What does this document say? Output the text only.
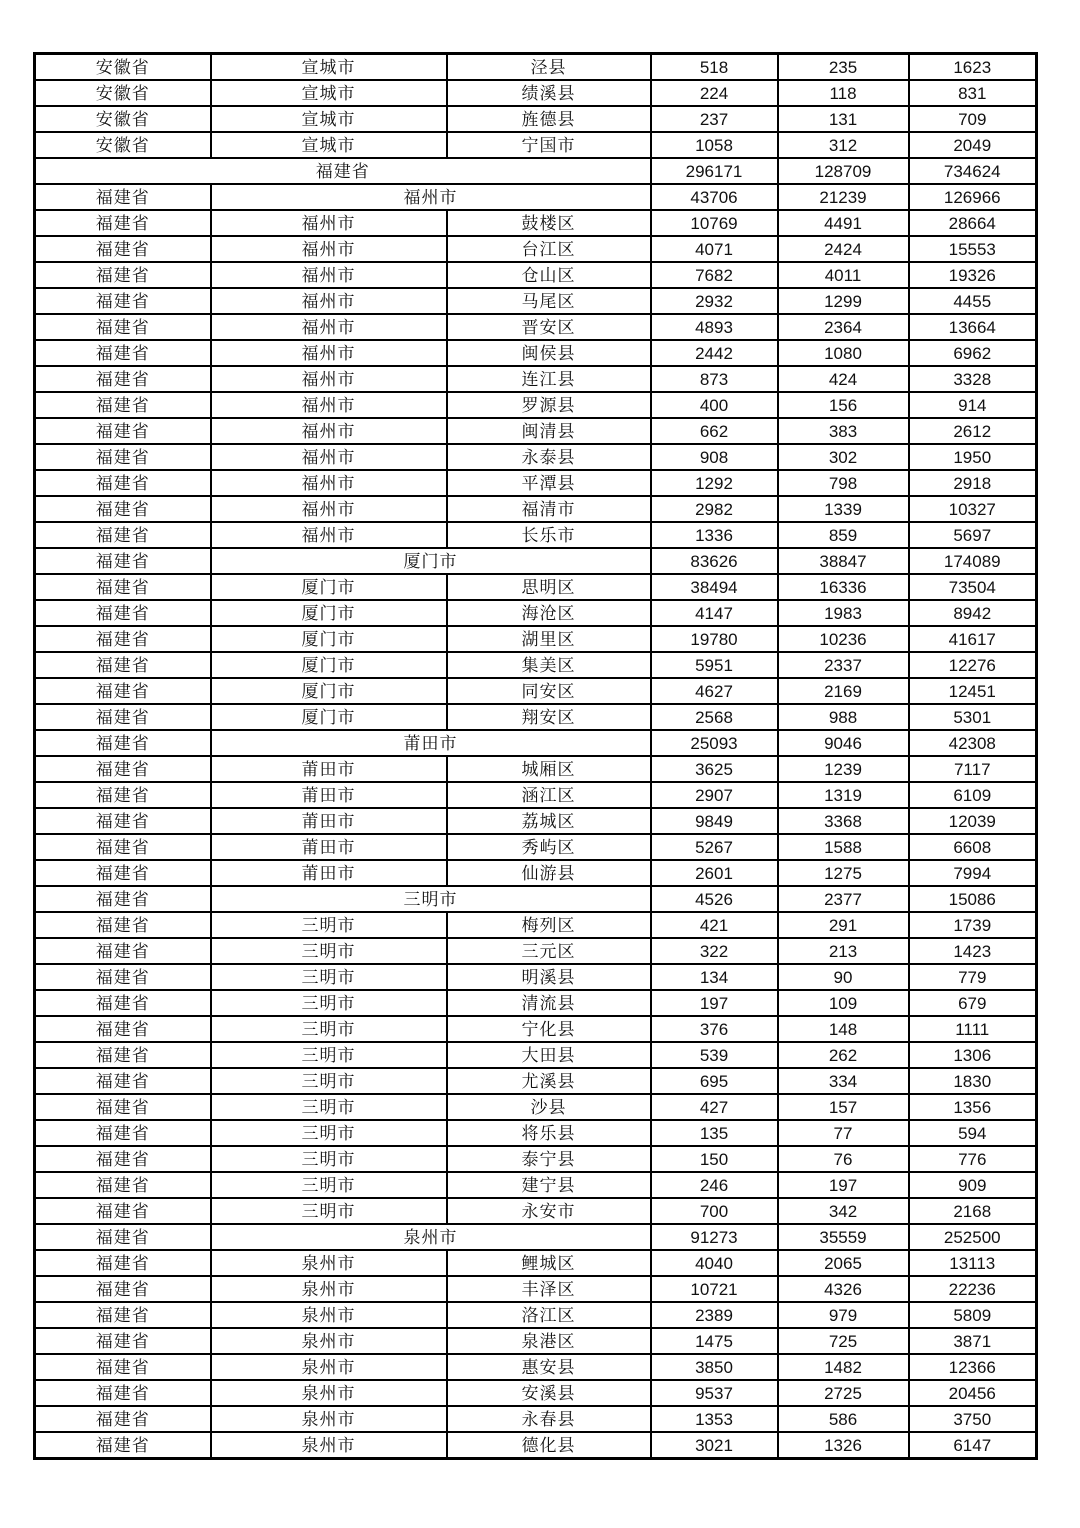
安徽省	宣城市	泾县	518	235	1623
安徽省	宣城市	绩溪县	224	118	831
安徽省	宣城市	旌德县	237	131	709
安徽省	宣城市	宁国市	1058	312	2049
福建省			296171	128709	734624
福建省	福州市		43706	21239	126966
福建省	福州市	鼓楼区	10769	4491	28664
福建省	福州市	台江区	4071	2424	15553
福建省	福州市	仓山区	7682	4011	19326
福建省	福州市	马尾区	2932	1299	4455
福建省	福州市	晋安区	4893	2364	13664
福建省	福州市	闽侯县	2442	1080	6962
福建省	福州市	连江县	873	424	3328
福建省	福州市	罗源县	400	156	914
福建省	福州市	闽清县	662	383	2612
福建省	福州市	永泰县	908	302	1950
福建省	福州市	平潭县	1292	798	2918
福建省	福州市	福清市	2982	1339	10327
福建省	福州市	长乐市	1336	859	5697
福建省	厦门市		83626	38847	174089
福建省	厦门市	思明区	38494	16336	73504
福建省	厦门市	海沧区	4147	1983	8942
福建省	厦门市	湖里区	19780	10236	41617
福建省	厦门市	集美区	5951	2337	12276
福建省	厦门市	同安区	4627	2169	12451
福建省	厦门市	翔安区	2568	988	5301
福建省	莆田市		25093	9046	42308
福建省	莆田市	城厢区	3625	1239	7117
福建省	莆田市	涵江区	2907	1319	6109
福建省	莆田市	荔城区	9849	3368	12039
福建省	莆田市	秀屿区	5267	1588	6608
福建省	莆田市	仙游县	2601	1275	7994
福建省	三明市		4526	2377	15086
福建省	三明市	梅列区	421	291	1739
福建省	三明市	三元区	322	213	1423
福建省	三明市	明溪县	134	90	779
福建省	三明市	清流县	197	109	679
福建省	三明市	宁化县	376	148	1111
福建省	三明市	大田县	539	262	1306
福建省	三明市	尤溪县	695	334	1830
福建省	三明市	沙县	427	157	1356
福建省	三明市	将乐县	135	77	594
福建省	三明市	泰宁县	150	76	776
福建省	三明市	建宁县	246	197	909
福建省	三明市	永安市	700	342	2168
福建省	泉州市		91273	35559	252500
福建省	泉州市	鲤城区	4040	2065	13113
福建省	泉州市	丰泽区	10721	4326	22236
福建省	泉州市	洛江区	2389	979	5809
福建省	泉州市	泉港区	1475	725	3871
福建省	泉州市	惠安县	3850	1482	12366
福建省	泉州市	安溪县	9537	2725	20456
福建省	泉州市	永春县	1353	586	3750
福建省	泉州市	德化县	3021	1326	6147
